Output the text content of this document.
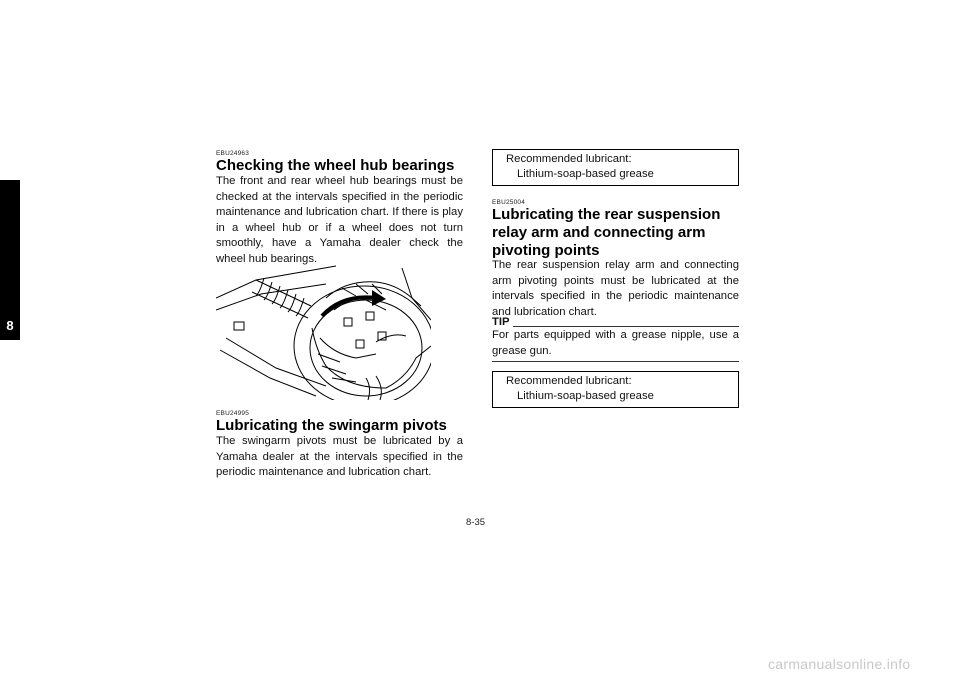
8
EBU24963
Checking the wheel hub bearings
The front and rear wheel hub bearings must be checked at the intervals specified in the periodic maintenance and lubrication chart. If there is play in a wheel hub or if a wheel does not turn smoothly, have a Yamaha dealer check the wheel hub bearings.
EBU24995
Lubricating the swingarm pivots
The swingarm pivots must be lubricated by a Yamaha dealer at the intervals specified in the periodic maintenance and lubrication chart.
Recommended lubricant:
Lithium-soap-based grease
EBU25004
Lubricating the rear suspension relay arm and connecting arm pivoting points
The rear suspension relay arm and connecting arm pivoting points must be lubricated at the intervals specified in the periodic maintenance and lubrication chart.
TIP
For parts equipped with a grease nipple, use a grease gun.
Recommended lubricant:
Lithium-soap-based grease
8-35
carmanualsonline.info
